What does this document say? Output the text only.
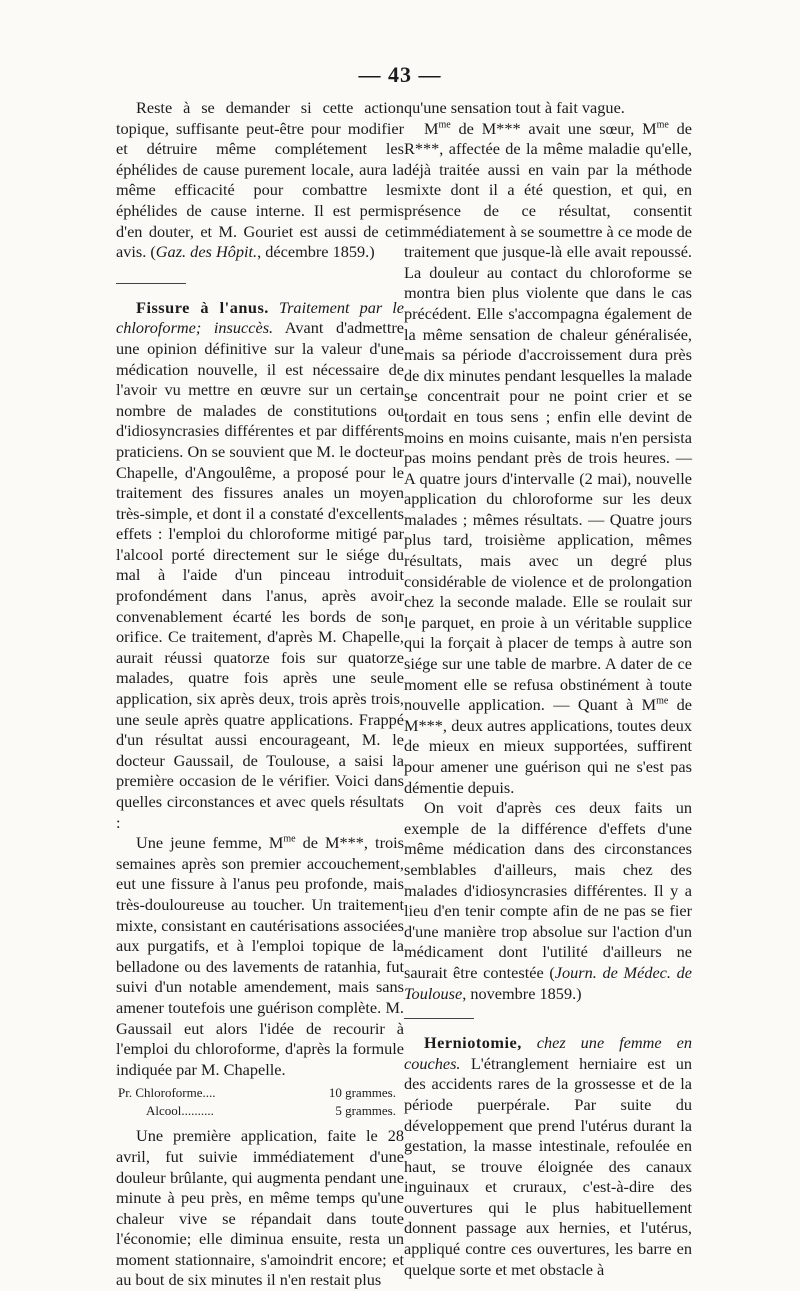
— 43 —

Reste à se demander si cette action topique, suffisante peut-être pour modifier et détruire même complétement les éphélides de cause purement locale, aura la même efficacité pour combattre les éphélides de cause interne. Il est permis d'en douter, et M. Gouriet est aussi de cet avis. (Gaz. des Hôpit., décembre 1859.)

Fissure à l'anus. Traitement par le chloroforme; insuccès. Avant d'admettre une opinion définitive sur la valeur d'une médication nouvelle, il est nécessaire de l'avoir vu mettre en œuvre sur un certain nombre de malades de constitutions ou d'idiosyncrasies différentes et par différents praticiens. On se souvient que M. le docteur Chapelle, d'Angoulême, a proposé pour le traitement des fissures anales un moyen très-simple, et dont il a constaté d'excellents effets : l'emploi du chloroforme mitigé par l'alcool porté directement sur le siége du mal à l'aide d'un pinceau introduit profondément dans l'anus, après avoir convenablement écarté les bords de son orifice. Ce traitement, d'après M. Chapelle, aurait réussi quatorze fois sur quatorze malades, quatre fois après une seule application, six après deux, trois après trois, une seule après quatre applications. Frappé d'un résultat aussi encourageant, M. le docteur Gaussail, de Toulouse, a saisi la première occasion de le vérifier. Voici dans quelles circonstances et avec quels résultats :

Une jeune femme, $M^{me}$ de M***, trois semaines après son premier accouchement, eut une fissure à l'anus peu profonde, mais très-douloureuse au toucher. Un traitement mixte, consistant en cautérisations associées aux purgatifs, et à l'emploi topique de la belladone ou des lavements de ratanhia, fut suivi d'un notable amendement, mais sans amener toutefois une guérison complète. M. Gaussail eut alors l'idée de recourir à l'emploi du chloroforme, d'après la formule indiquée par M. Chapelle.

Pr. Chloroforme....	10 grammes.
Alcool..........	5 grammes.

Une première application, faite le 28 avril, fut suivie immédiatement d'une douleur brûlante, qui augmenta pendant une minute à peu près, en même temps qu'une chaleur vive se répandait dans toute l'économie; elle diminua ensuite, resta un moment stationnaire, s'amoindrit encore; et au bout de six minutes il n'en restait plus

qu'une sensation tout à fait vague.

$M^{me}$ de M*** avait une sœur, $M^{me}$ de R***, affectée de la même maladie qu'elle, déjà traitée aussi en vain par la méthode mixte dont il a été question, et qui, en présence de ce résultat, consentit immédiatement à se soumettre à ce mode de traitement que jusque-là elle avait repoussé. La douleur au contact du chloroforme se montra bien plus violente que dans le cas précédent. Elle s'accompagna également de la même sensation de chaleur généralisée, mais sa période d'accroissement dura près de dix minutes pendant lesquelles la malade se concentrait pour ne point crier et se tordait en tous sens ; enfin elle devint de moins en moins cuisante, mais n'en persista pas moins pendant près de trois heures. — A quatre jours d'intervalle (2 mai), nouvelle application du chloroforme sur les deux malades ; mêmes résultats. — Quatre jours plus tard, troisième application, mêmes résultats, mais avec un degré plus considérable de violence et de prolongation chez la seconde malade. Elle se roulait sur le parquet, en proie à un véritable supplice qui la forçait à placer de temps à autre son siége sur une table de marbre. A dater de ce moment elle se refusa obstinément à toute nouvelle application. — Quant à $M^{me}$ de M***, deux autres applications, toutes deux de mieux en mieux supportées, suffirent pour amener une guérison qui ne s'est pas démentie depuis.

On voit d'après ces deux faits un exemple de la différence d'effets d'une même médication dans des circonstances semblables d'ailleurs, mais chez des malades d'idiosyncrasies différentes. Il y a lieu d'en tenir compte afin de ne pas se fier d'une manière trop absolue sur l'action d'un médicament dont l'utilité d'ailleurs ne saurait être contestée (Journ. de Médec. de Toulouse, novembre 1859.)

Herniotomie, chez une femme en couches. L'étranglement herniaire est un des accidents rares de la grossesse et de la période puerpérale. Par suite du développement que prend l'utérus durant la gestation, la masse intestinale, refoulée en haut, se trouve éloignée des canaux inguinaux et cruraux, c'est-à-dire des ouvertures qui le plus habituellement donnent passage aux hernies, et l'utérus, appliqué contre ces ouvertures, les barre en quelque sorte et met obstacle à
